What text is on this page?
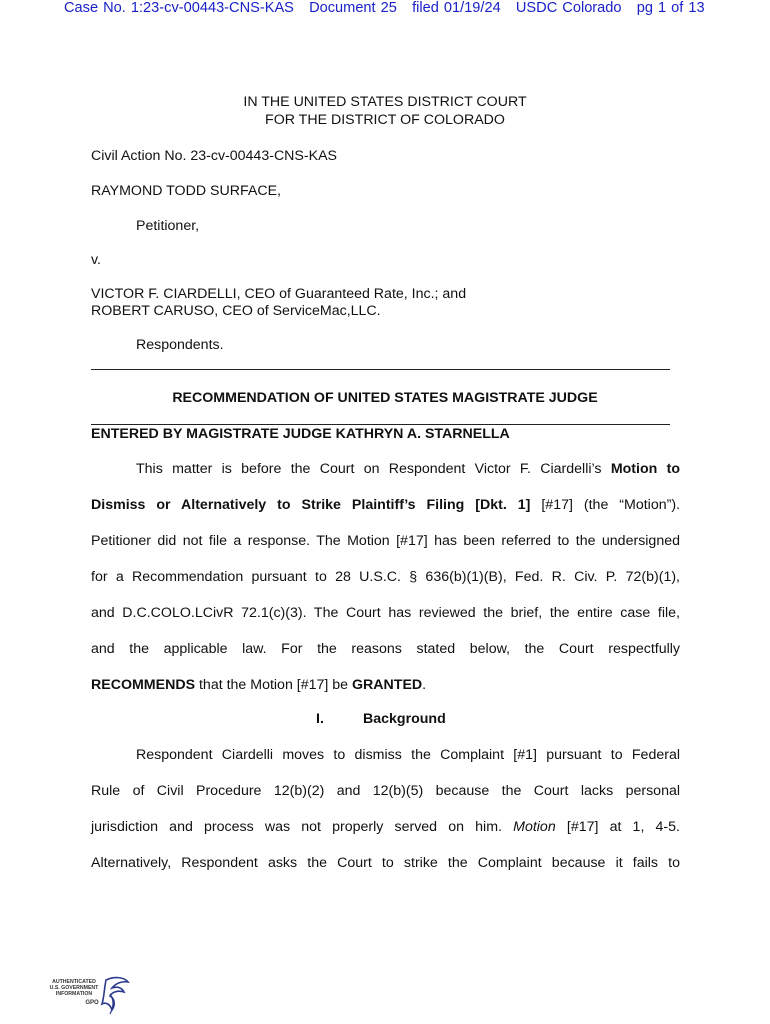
Case No. 1:23-cv-00443-CNS-KAS Document 25 filed 01/19/24 USDC Colorado pg 1 of 13
IN THE UNITED STATES DISTRICT COURT
FOR THE DISTRICT OF COLORADO
Civil Action No. 23-cv-00443-CNS-KAS
RAYMOND TODD SURFACE,
Petitioner,
v.
VICTOR F. CIARDELLI, CEO of Guaranteed Rate, Inc.; and
ROBERT CARUSO, CEO of ServiceMac,LLC.
Respondents.
RECOMMENDATION OF UNITED STATES MAGISTRATE JUDGE
ENTERED BY MAGISTRATE JUDGE KATHRYN A. STARNELLA
This matter is before the Court on Respondent Victor F. Ciardelli’s Motion to
Dismiss or Alternatively to Strike Plaintiff’s Filing [Dkt. 1] [#17] (the “Motion”).
Petitioner did not file a response. The Motion [#17] has been referred to the undersigned
for a Recommendation pursuant to 28 U.S.C. § 636(b)(1)(B), Fed. R. Civ. P. 72(b)(1),
and D.C.COLO.LCivR 72.1(c)(3). The Court has reviewed the brief, the entire case file,
and the applicable law. For the reasons stated below, the Court respectfully
RECOMMENDS that the Motion [#17] be GRANTED.
I.	Background
Respondent Ciardelli moves to dismiss the Complaint [#1] pursuant to Federal
Rule of Civil Procedure 12(b)(2) and 12(b)(5) because the Court lacks personal
jurisdiction and process was not properly served on him. Motion [#17] at 1, 4-5.
Alternatively, Respondent asks the Court to strike the Complaint because it fails to
AUTHENTICATED
U.S. GOVERNMENT
INFORMATION
GPO
